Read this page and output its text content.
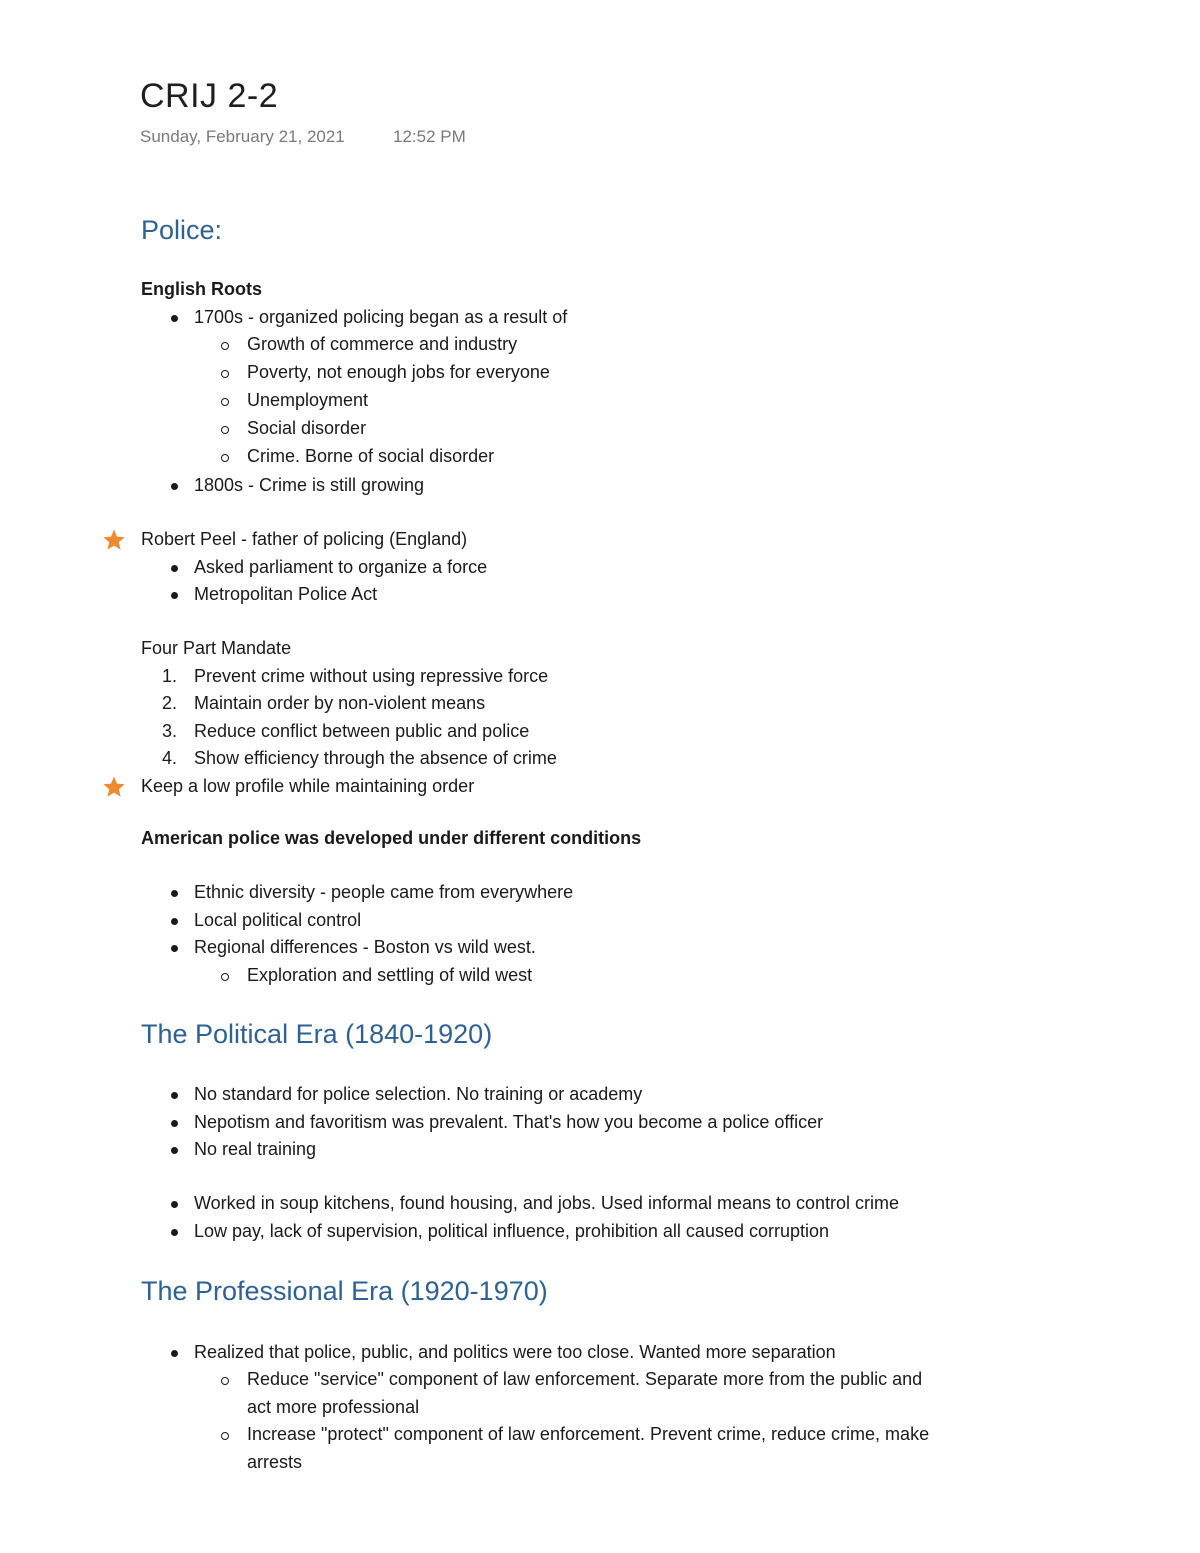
CRIJ 2-2
Sunday, February 21, 2021	12:52 PM
Police:
English Roots
1700s - organized policing began as a result of
Growth of commerce and industry
Poverty, not enough jobs for everyone
Unemployment
Social disorder
Crime. Borne of social disorder
1800s - Crime is still growing
Robert Peel - father of policing (England)
Asked parliament to organize a force
Metropolitan Police Act
Four Part Mandate
1. Prevent crime without using repressive force
2. Maintain order by non-violent means
3. Reduce conflict between public and police
4. Show efficiency through the absence of crime
Keep a low profile while maintaining order
American police was developed under different conditions
Ethnic diversity - people came from everywhere
Local political control
Regional differences - Boston vs wild west.
Exploration and settling of wild west
The Political Era (1840-1920)
No standard for police selection. No training or academy
Nepotism and favoritism was prevalent. That's how you become a police officer
No real training
Worked in soup kitchens, found housing, and jobs. Used informal means to control crime
Low pay, lack of supervision, political influence, prohibition all caused corruption
The Professional Era (1920-1970)
Realized that police, public, and politics were too close. Wanted more separation
Reduce "service" component of law enforcement. Separate more from the public and
act more professional
Increase "protect" component of law enforcement. Prevent crime, reduce crime, make
arrests
